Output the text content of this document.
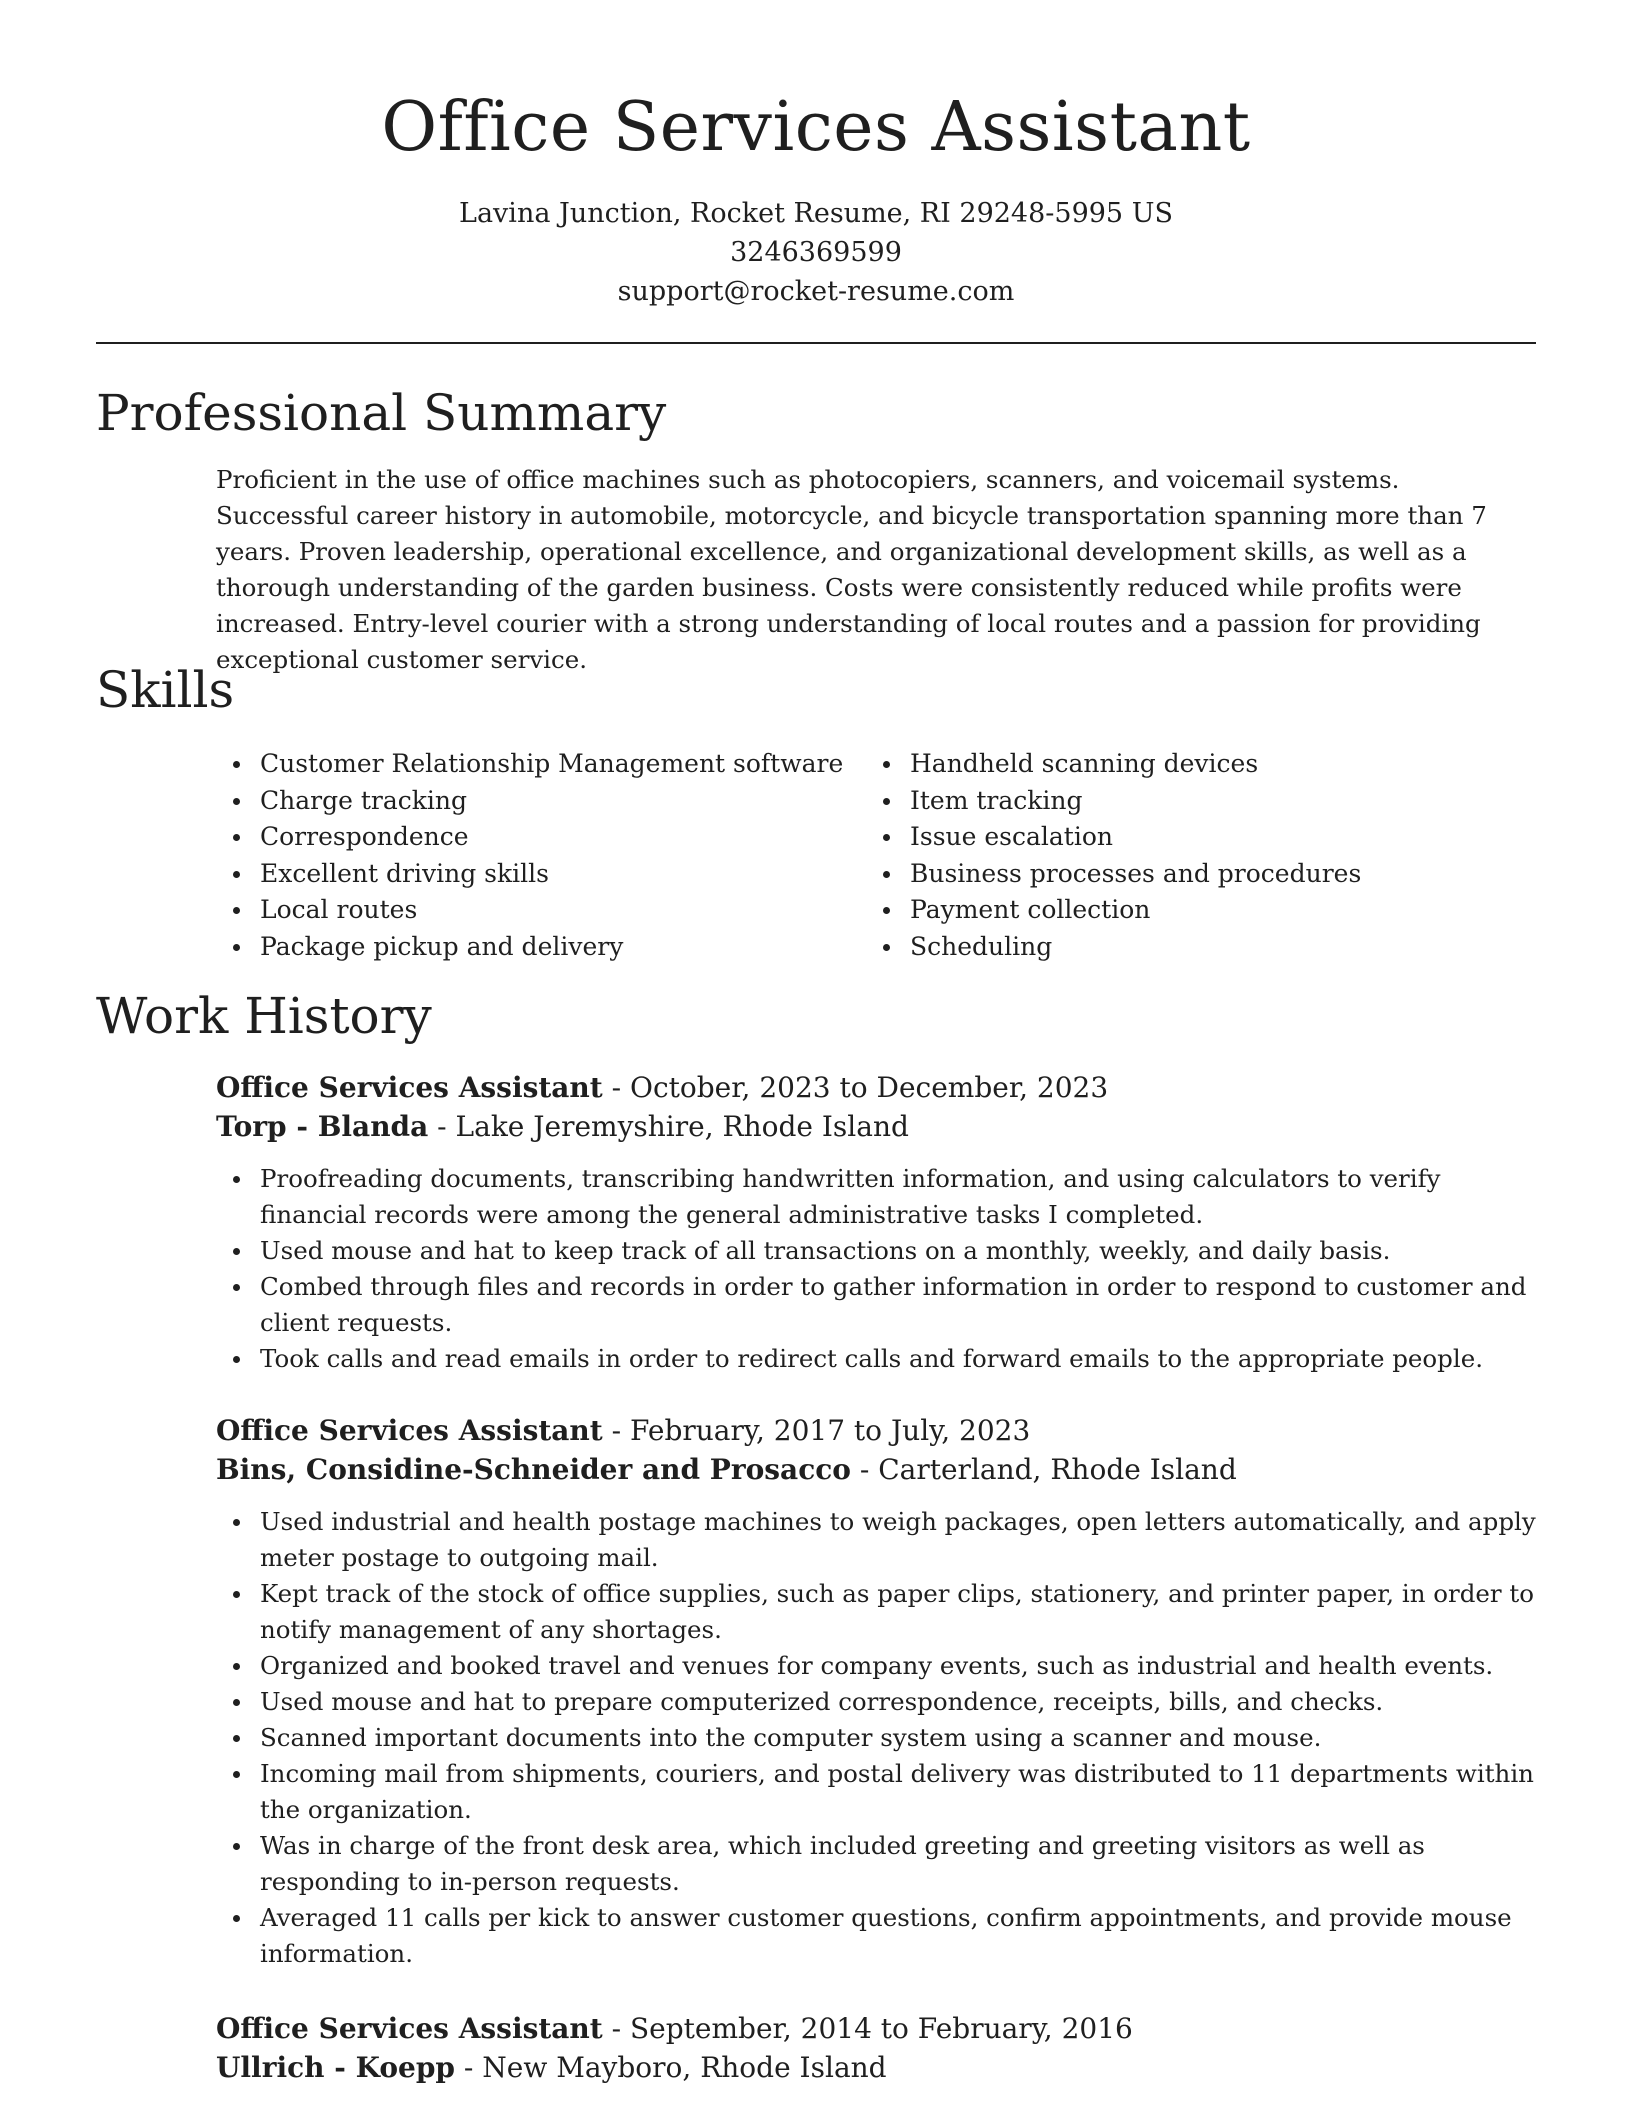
Office Services Assistant

Lavina Junction, Rocket Resume, RI 29248-5995 US

3246369599

support@rocket-resume.com

Professional Summary

Proficient in the use of office machines such as photocopiers, scanners, and voicemail systems. Successful career history in automobile, motorcycle, and bicycle transportation spanning more than 7 years. Proven leadership, operational excellence, and organizational development skills, as well as a thorough understanding of the garden business. Costs were consistently reduced while profits were increased. Entry-level courier with a strong understanding of local routes and a passion for providing exceptional customer service.

Skills
Customer Relationship Management software
Charge tracking
Correspondence
Excellent driving skills
Local routes
Package pickup and delivery
Handheld scanning devices
Item tracking
Issue escalation
Business processes and procedures
Payment collection
Scheduling
Work History

Office Services Assistant - October, 2023 to December, 2023

Torp - Blanda - Lake Jeremyshire, Rhode Island

Proofreading documents, transcribing handwritten information, and using calculators to verify financial records were among the general administrative tasks I completed.
Used mouse and hat to keep track of all transactions on a monthly, weekly, and daily basis.
Combed through files and records in order to gather information in order to respond to customer and client requests.
Took calls and read emails in order to redirect calls and forward emails to the appropriate people.

Office Services Assistant - February, 2017 to July, 2023

Bins, Considine-Schneider and Prosacco - Carterland, Rhode Island

Used industrial and health postage machines to weigh packages, open letters automatically, and apply meter postage to outgoing mail.
Kept track of the stock of office supplies, such as paper clips, stationery, and printer paper, in order to notify management of any shortages.
Organized and booked travel and venues for company events, such as industrial and health events.
Used mouse and hat to prepare computerized correspondence, receipts, bills, and checks.
Scanned important documents into the computer system using a scanner and mouse.
Incoming mail from shipments, couriers, and postal delivery was distributed to 11 departments within the organization.
Was in charge of the front desk area, which included greeting and greeting visitors as well as responding to in-person requests.
Averaged 11 calls per kick to answer customer questions, confirm appointments, and provide mouse information.

Office Services Assistant - September, 2014 to February, 2016

Ullrich - Koepp - New Mayboro, Rhode Island
